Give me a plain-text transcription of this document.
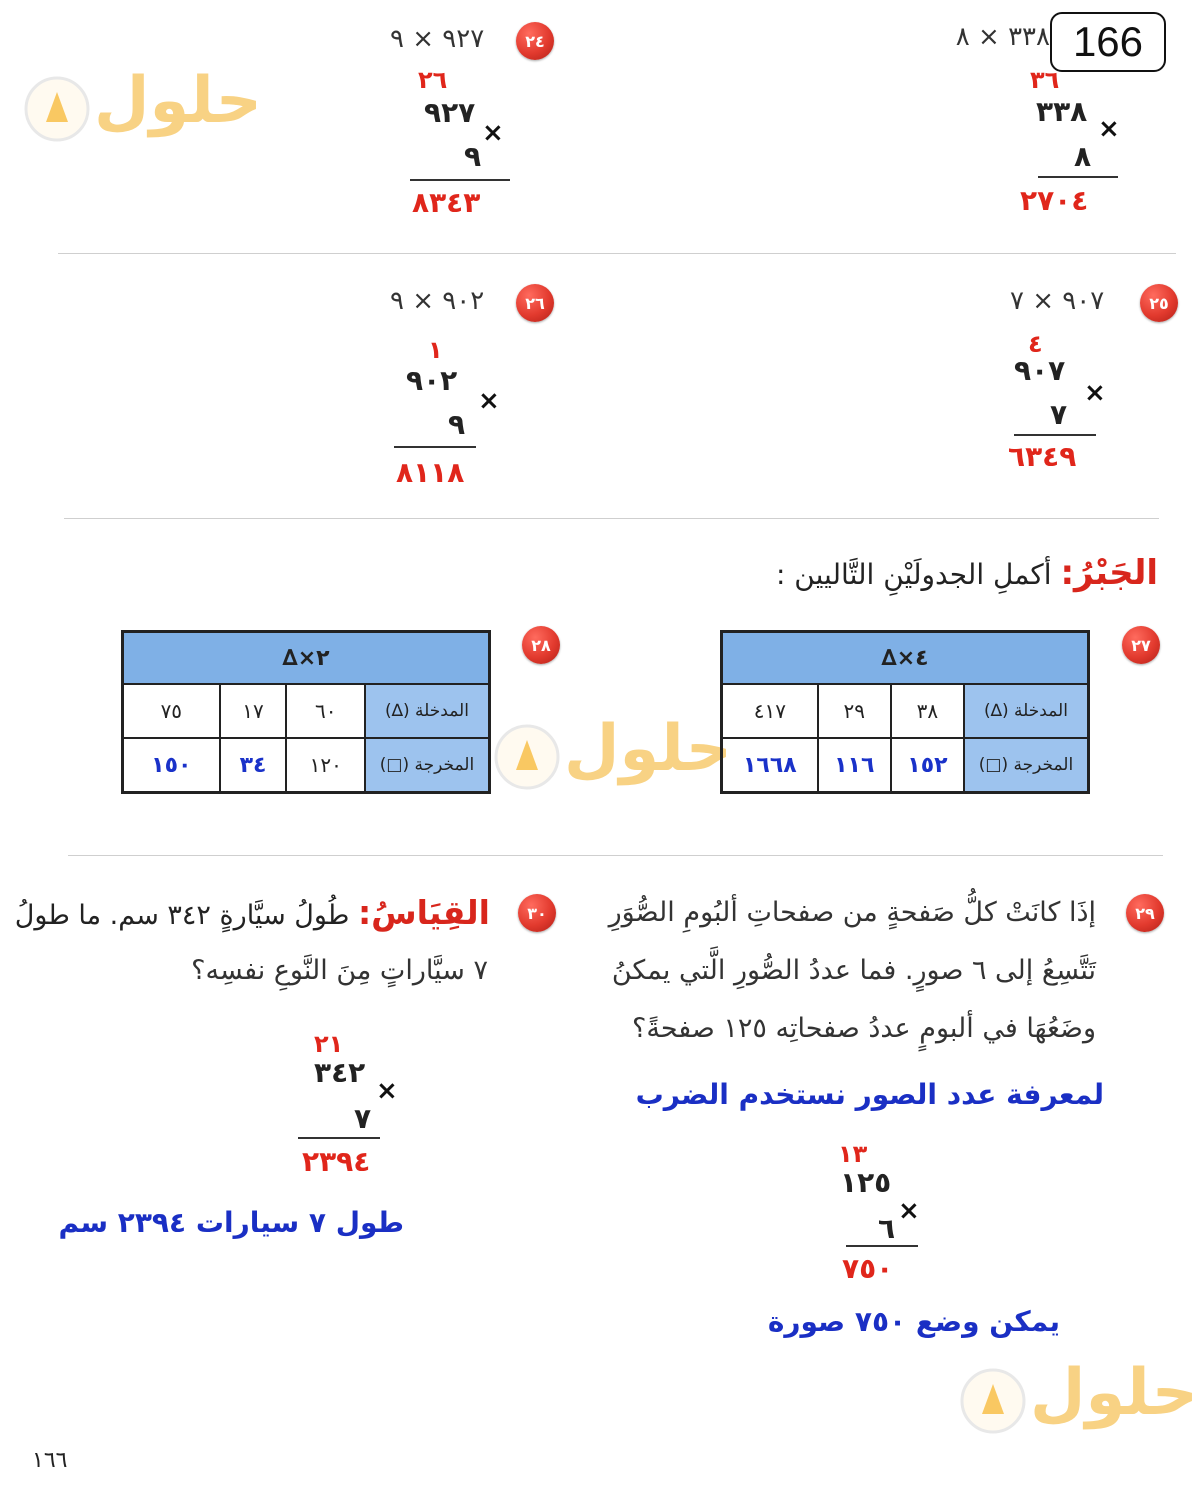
166
حلول
حلول
حلول
٣٣٨ × ٨
٣٦
٣٣٨
×
٨
٢٧٠٤
٢٤
٩٢٧ × ٩
٢٦
٩٢٧
×
٩
٨٣٤٣
٢٥
٩٠٧ × ٧
٤
٩٠٧
×
٧
٦٣٤٩
٢٦
٩٠٢ × ٩
١
٩٠٢
×
٩
٨١١٨
الجَبْرُ: أكملِ الجدولَيْنِ التَّاليين :
٢٧
٤×∆			
المدخلة (∆)	٣٨	٢٩	٤١٧
المخرجة (□)	١٥٢	١١٦	١٦٦٨
٢٨
٢×∆			
المدخلة (∆)	٦٠	١٧	٧٥
المخرجة (□)	١٢٠	٣٤	١٥٠
٢٩
إذَا كانَتْ كلُّ صَفحةٍ من صفحاتِ ألبُومِ الصُّوَرِ
تَتَّسِعُ إلى ٦ صورٍ. فما عددُ الصُّورِ الَّتي يمكنُ
وضَعُهَا في ألبومٍ عددُ صفحاتِه ١٢٥ صفحةً؟
لمعرفة عدد الصور نستخدم الضرب
١٣
١٢٥
×
٦
٧٥٠
يمكن وضع ٧٥٠ صورة
٣٠
القِيَاسُ: طُولُ سيَّارةٍ ٣٤٢ سم. ما طولُ
٧ سيَّاراتٍ مِنَ النَّوعِ نفسِه؟
٢١
٣٤٢
×
٧
٢٣٩٤
طول ٧ سيارات ٢٣٩٤ سم
١٦٦
